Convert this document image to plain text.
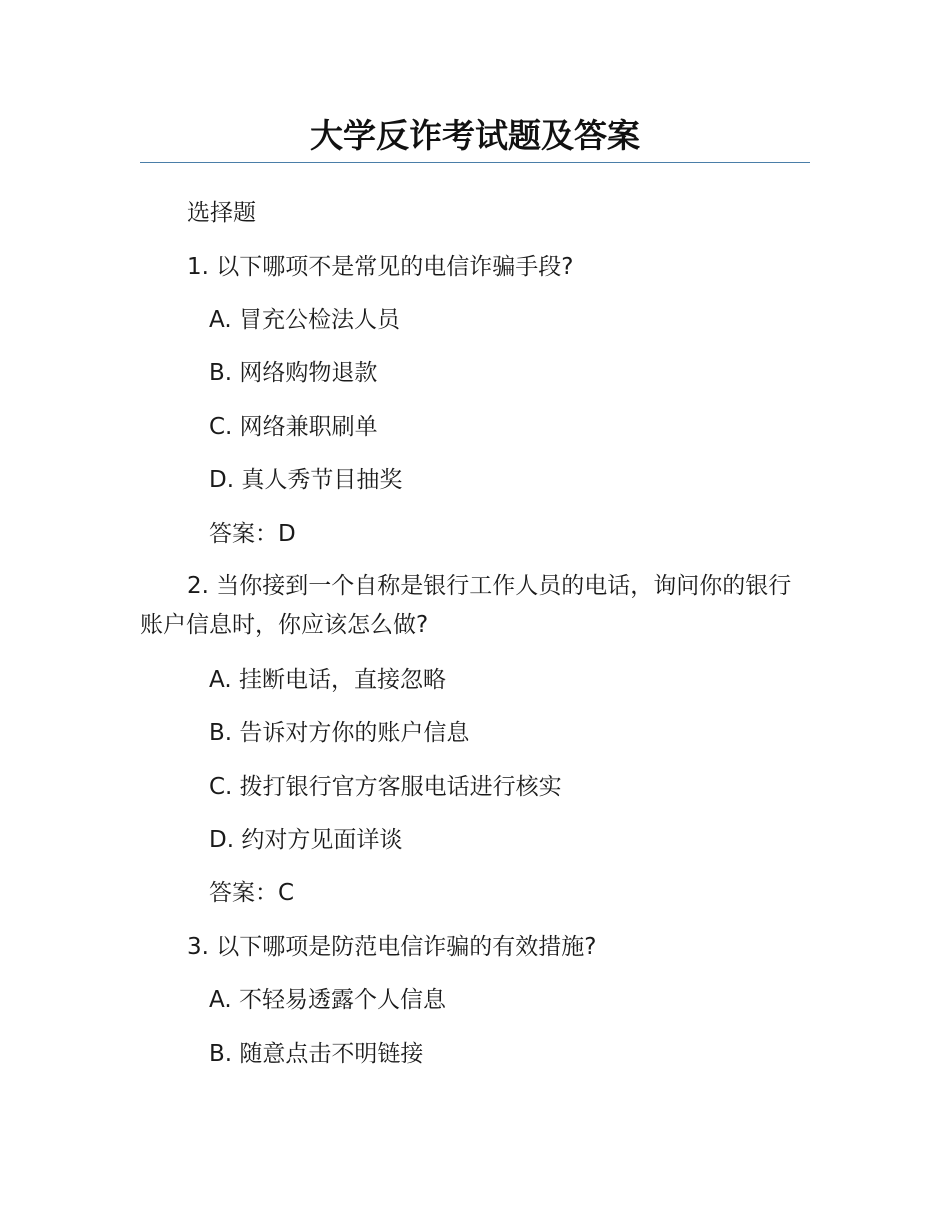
大学反诈考试题及答案
选择题
1. 以下哪项不是常见的电信诈骗手段?
A. 冒充公检法人员
B. 网络购物退款
C. 网络兼职刷单
D. 真人秀节目抽奖
答案：D
2. 当你接到一个自称是银行工作人员的电话，询问你的银行账户信息时，你应该怎么做?
A. 挂断电话，直接忽略
B. 告诉对方你的账户信息
C. 拨打银行官方客服电话进行核实
D. 约对方见面详谈
答案：C
3. 以下哪项是防范电信诈骗的有效措施?
A. 不轻易透露个人信息
B. 随意点击不明链接
